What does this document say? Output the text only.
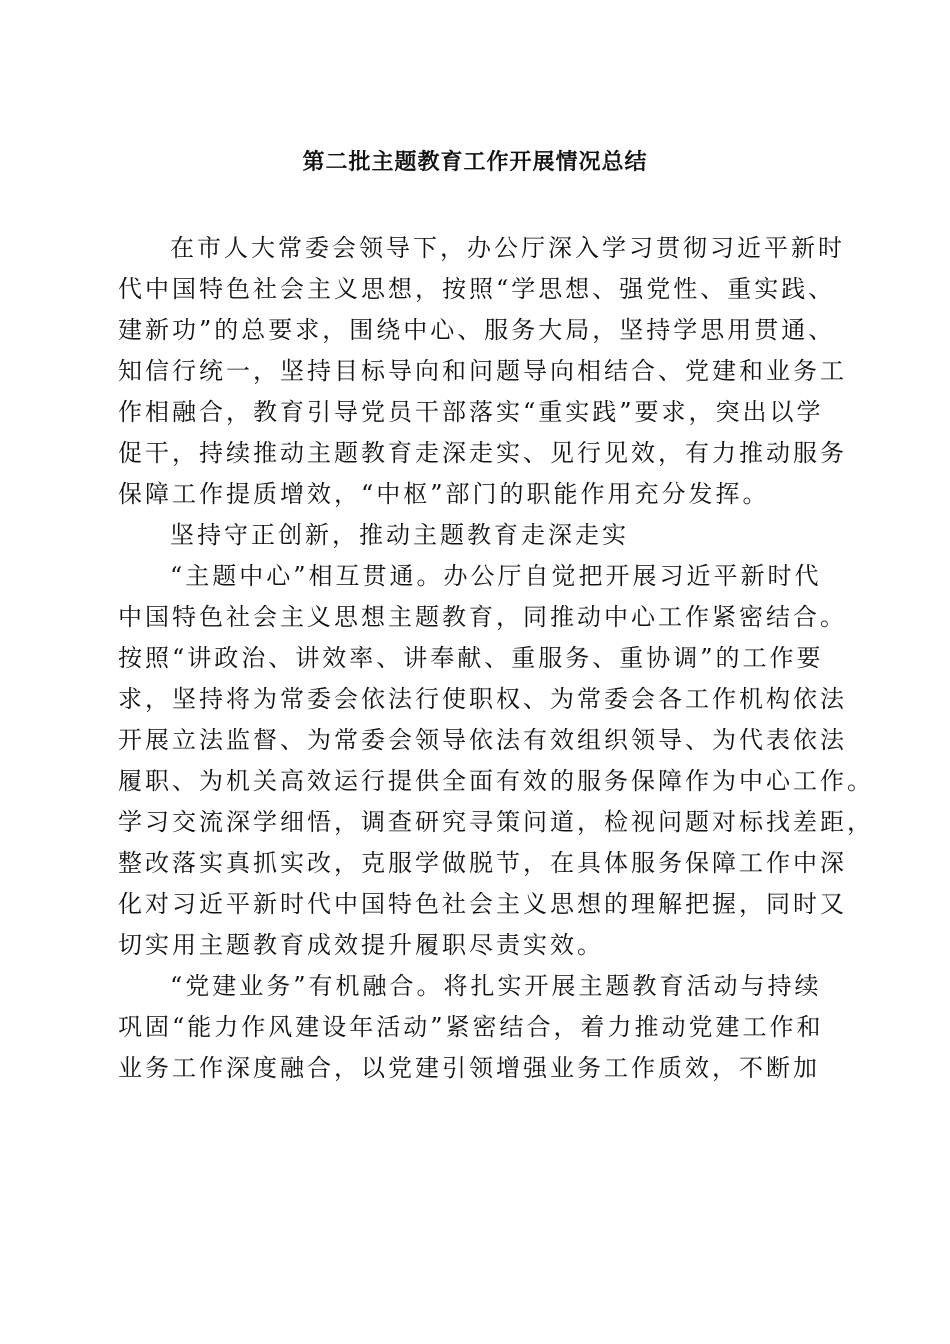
第二批主题教育工作开展情况总结
在市人大常委会领导下，办公厅深入学习贯彻习近平新时
代中国特色社会主义思想，按照“学思想、强党性、重实践、
建新功”的总要求，围绕中心、服务大局，坚持学思用贯通、
知信行统一，坚持目标导向和问题导向相结合、党建和业务工
作相融合，教育引导党员干部落实“重实践”要求，突出以学
促干，持续推动主题教育走深走实、见行见效，有力推动服务
保障工作提质增效，“中枢”部门的职能作用充分发挥。
坚持守正创新，推动主题教育走深走实
“主题中心”相互贯通。办公厅自觉把开展习近平新时代
中国特色社会主义思想主题教育，同推动中心工作紧密结合。
按照“讲政治、讲效率、讲奉献、重服务、重协调”的工作要
求，坚持将为常委会依法行使职权、为常委会各工作机构依法
开展立法监督、为常委会领导依法有效组织领导、为代表依法
履职、为机关高效运行提供全面有效的服务保障作为中心工作。
学习交流深学细悟，调查研究寻策问道，检视问题对标找差距，
整改落实真抓实改，克服学做脱节，在具体服务保障工作中深
化对习近平新时代中国特色社会主义思想的理解把握，同时又
切实用主题教育成效提升履职尽责实效。
“党建业务”有机融合。将扎实开展主题教育活动与持续
巩固“能力作风建设年活动”紧密结合，着力推动党建工作和
业务工作深度融合，以党建引领增强业务工作质效，不断加
